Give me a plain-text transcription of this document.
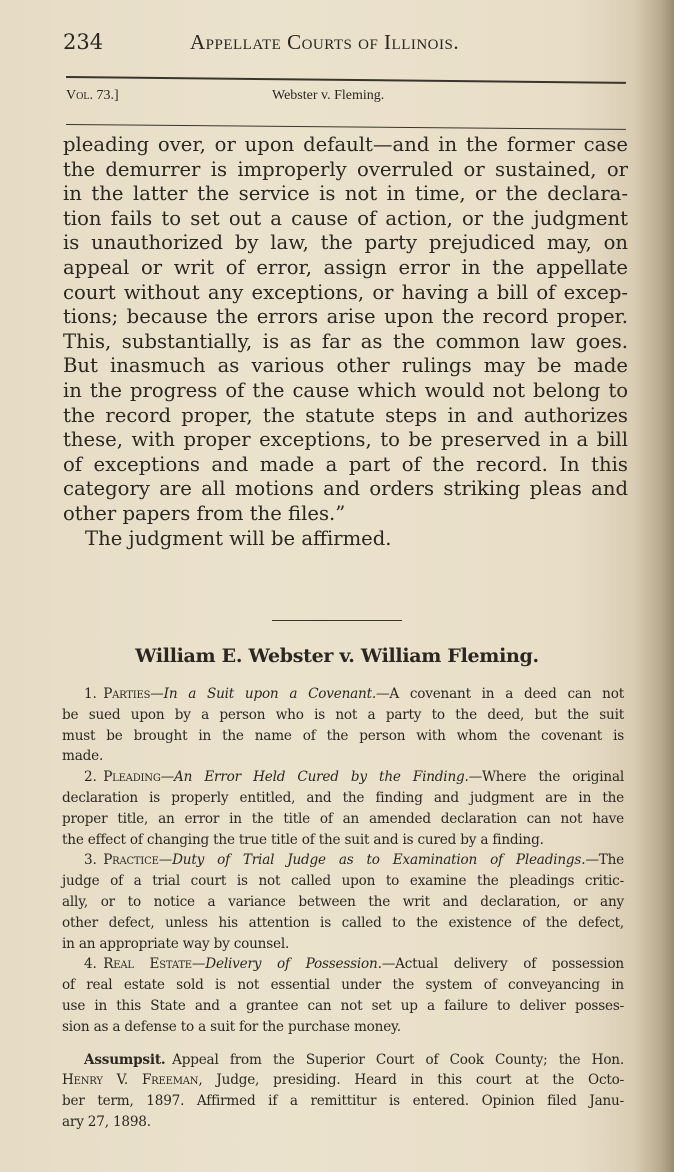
234	Appellate Courts of Illinois.
Vol. 73.]	Webster v. Fleming.
pleading over, or upon default—and in the former case
the demurrer is improperly overruled or sustained, or
in the latter the service is not in time, or the declara-
tion fails to set out a cause of action, or the judgment
is unauthorized by law, the party prejudiced may, on
appeal or writ of error, assign error in the appellate
court without any exceptions, or having a bill of excep-
tions; because the errors arise upon the record proper.
This, substantially, is as far as the common law goes.
But inasmuch as various other rulings may be made
in the progress of the cause which would not belong to
the record proper, the statute steps in and authorizes
these, with proper exceptions, to be preserved in a bill
of exceptions and made a part of the record. In this
category are all motions and orders striking pleas and
other papers from the files.”
The judgment will be affirmed.
William E. Webster v. William Fleming.
1.  Parties—In a Suit upon a Covenant.—A covenant in a deed can not
be sued upon by a person who is not a party to the deed, but the suit
must be brought in the name of the person with whom the covenant is
made.
2.  Pleading—An Error Held Cured by the Finding.—Where the original
declaration is properly entitled, and the finding and judgment are in the
proper title, an error in the title of an amended declaration can not have
the effect of changing the true title of the suit and is cured by a finding.
3.  Practice—Duty of Trial Judge as to Examination of Pleadings.—The
judge of a trial court is not called upon to examine the pleadings critic-
ally, or to notice a variance between the writ and declaration, or any
other defect, unless his attention is called to the existence of the defect,
in an appropriate way by counsel.
4.  Real Estate—Delivery of Possession.—Actual delivery of possession
of real estate sold is not essential under the system of conveyancing in
use in this State and a grantee can not set up a failure to deliver posses-
sion as a defense to a suit for the purchase money.
Assumpsit.  Appeal from the Superior Court of Cook County; the Hon.
Henry V. Freeman, Judge, presiding. Heard in this court at the Octo-
ber term, 1897. Affirmed if a remittitur is entered. Opinion filed Janu-
ary 27, 1898.
